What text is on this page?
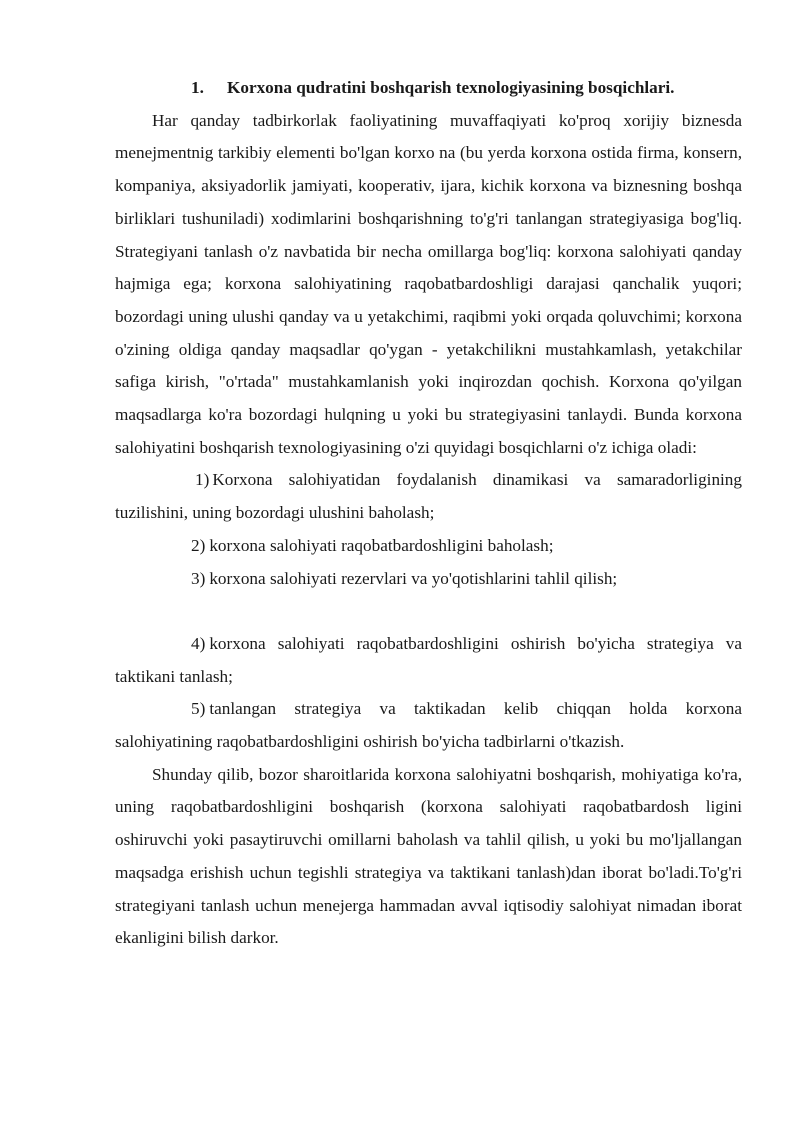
1. Korxona qudratini boshqarish texnologiyasining bosqichlari.

Har qanday tadbirkorlak faoliyatining muvaffaqiyati ko'proq xorijiy biznesda menejmentnig tarkibiy elementi bo'lgan korxo na (bu yerda korxona ostida firma, konsern, kompaniya, aksiyadorlik jamiyati, kooperativ, ijara, kichik korxona va biznesning boshqa birliklari tushuniladi) xodimlarini boshqarishning to'g'ri tanlangan strategiyasiga bog'liq. Strategiyani tanlash o'z navbatida bir necha omillarga bog'liq: korxona salohiyati qanday hajmiga ega; korxona salohiyatining raqobatbardoshligi darajasi qanchalik yuqori; bozordagi uning ulushi qanday va u yetakchimi, raqibmi yoki orqada qoluvchimi; korxona o'zining oldiga qanday maqsadlar qo'ygan - yetakchilikni mustahkamlash, yetakchilar safiga kirish, "o'rtada" mustahkamlanish yoki inqirozdan qochish. Korxona qo'yilgan maqsadlarga ko'ra bozordagi hulqning u yoki bu strategiyasini tanlaydi. Bunda korxona salohiyatini boshqarish texnologiyasining o'zi quyidagi bosqichlarni o'z ichiga oladi:

1) Korxona salohiyatidan foydalanish dinamikasi va samaradorligining tuzilishini, uning bozordagi ulushini baholash;

2) korxona salohiyati raqobatbardoshligini baholash;

3) korxona salohiyati rezervlari va yo'qotishlarini tahlil qilish;

4) korxona salohiyati raqobatbardoshligini oshirish bo'yicha strategiya va taktikani tanlash;

5) tanlangan strategiya va taktikadan kelib chiqqan holda korxona salohiyatining raqobatbardoshligini oshirish bo'yicha tadbirlarni o'tkazish.

Shunday qilib, bozor sharoitlarida korxona salohiyatni boshqarish, mohiyatiga ko'ra, uning raqobatbardoshligini boshqarish (korxona salohiyati raqobatbardosh ligini oshiruvchi yoki pasaytiruvchi omillarni baholash va tahlil qilish, u yoki bu mo'ljallangan maqsadga erishish uchun tegishli strategiya va taktikani tanlash)dan iborat bo'ladi.To'g'ri strategiyani tanlash uchun menejerga hammadan avval iqtisodiy salohiyat nimadan iborat ekanligini bilish darkor.
